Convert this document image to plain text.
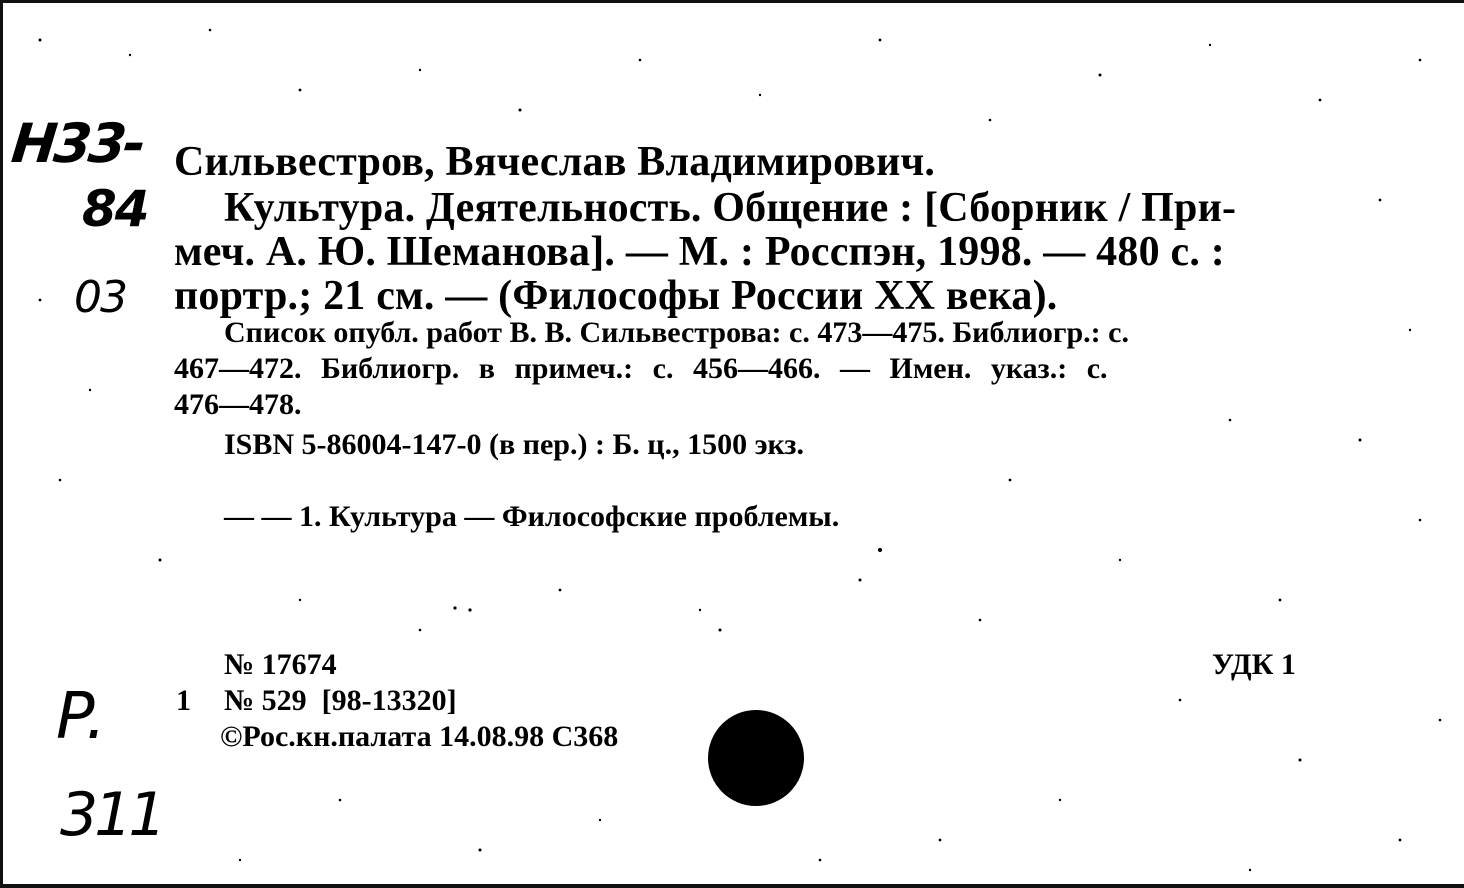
Н33-
84
03
Сильвестров, Вячеслав Владимирович.
Культура. Деятельность. Общение : [Сборник / При-
меч. А. Ю. Шеманова]. — М. : Росспэн, 1998. — 480 с. :
портр.; 21 см. — (Философы России XX века).
Список опубл. работ В. В. Сильвестрова: с. 473—475. Библиогр.: с.
467—472. Библиогр. в примеч.: с. 456—466. — Имен. указ.: с.
476—478.
ISBN 5-86004-147-0 (в пер.) : Б. ц., 1500 экз.
— — 1. Культура — Философские проблемы.
№ 17674
1 № 529  [98-13320]
©Рос.кн.палата 14.08.98 С368
УДК 1
P.
311
